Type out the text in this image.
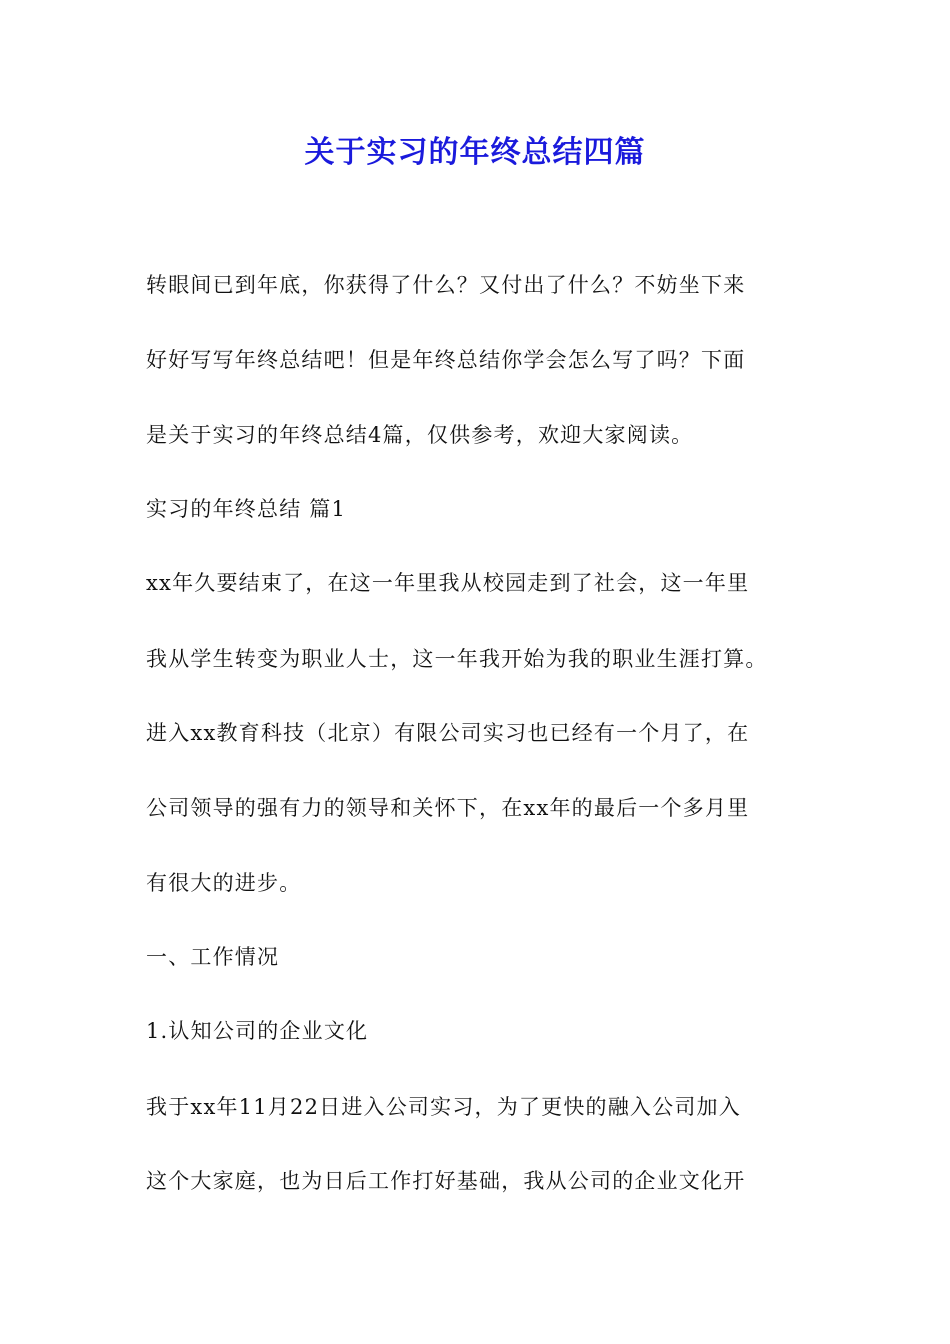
关于实习的年终总结四篇
转眼间已到年底，你获得了什么？又付出了什么？不妨坐下来
好好写写年终总结吧！但是年终总结你学会怎么写了吗？下面
是关于实习的年终总结4篇，仅供参考，欢迎大家阅读。
实习的年终总结 篇1
xx年久要结束了，在这一年里我从校园走到了社会，这一年里
我从学生转变为职业人士，这一年我开始为我的职业生涯打算。
进入xx教育科技（北京）有限公司实习也已经有一个月了，在
公司领导的强有力的领导和关怀下，在xx年的最后一个多月里
有很大的进步。
一、工作情况
1.认知公司的企业文化
我于xx年11月22日进入公司实习，为了更快的融入公司加入
这个大家庭，也为日后工作打好基础，我从公司的企业文化开
